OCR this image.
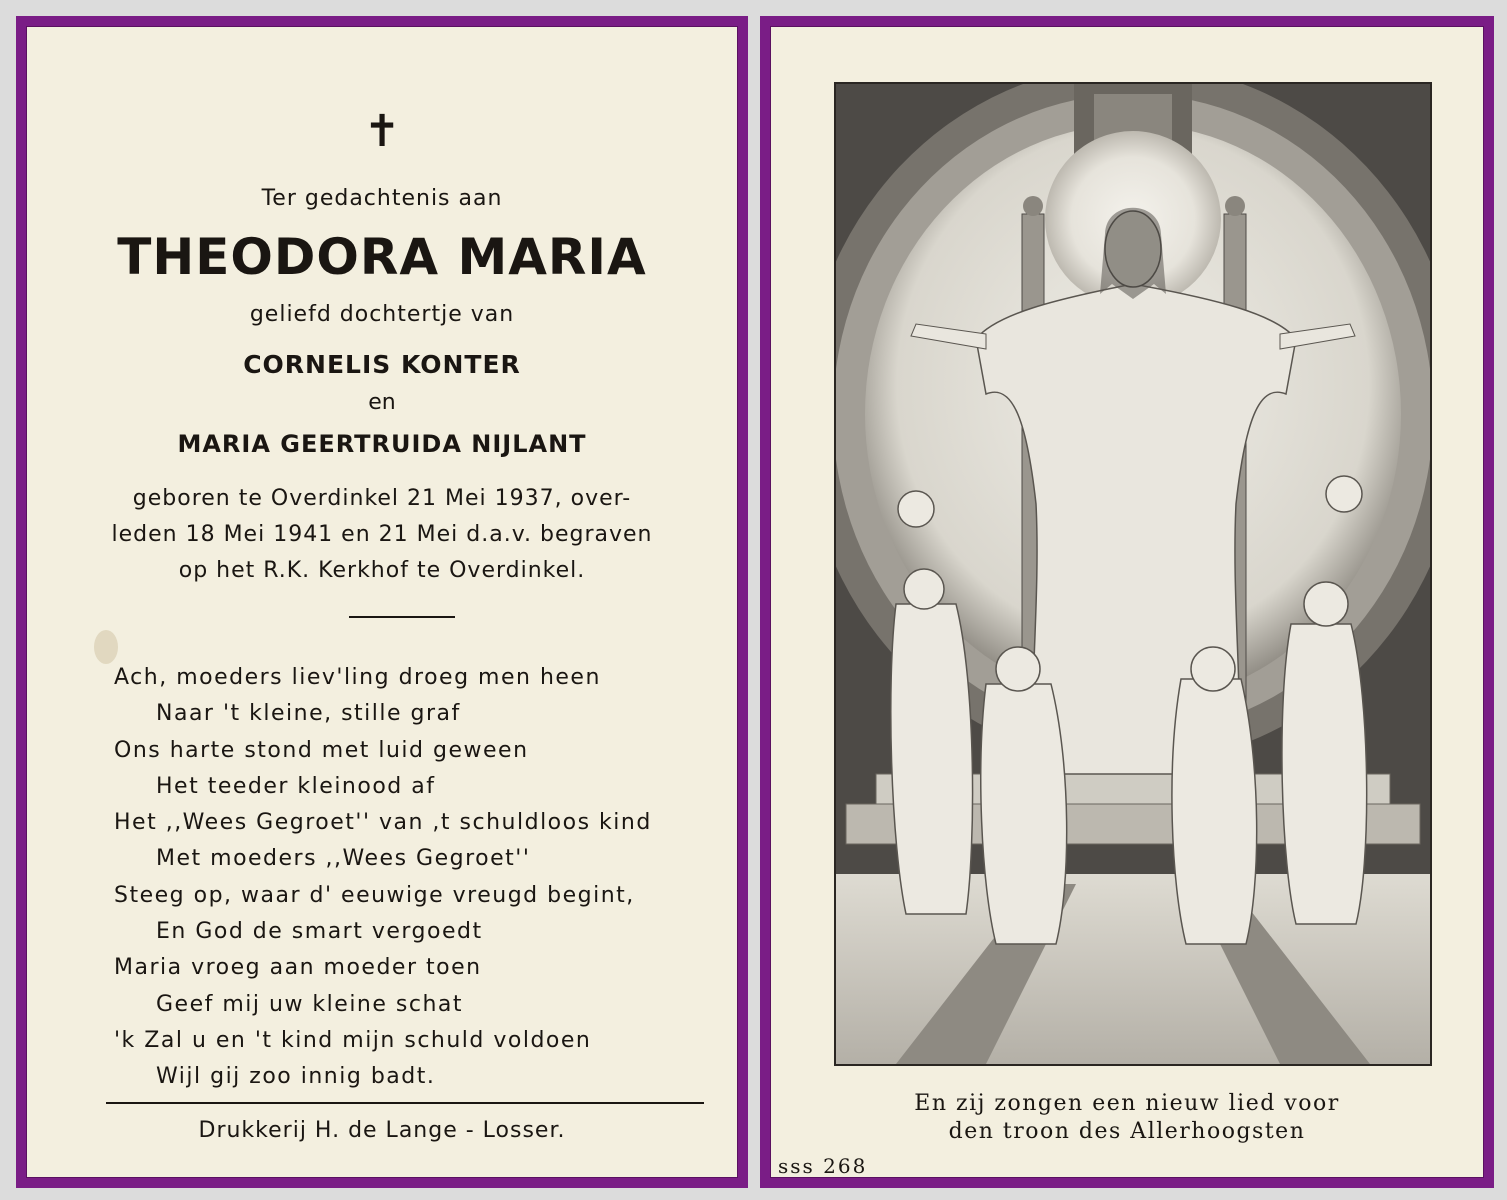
✝
Ter gedachtenis aan
THEODORA MARIA
geliefd dochtertje van
CORNELIS KONTER
en
MARIA GEERTRUIDA NIJLANT
geboren te Overdinkel 21 Mei 1937, over-
leden 18 Mei 1941 en 21 Mei d.a.v. begraven
op het R.K. Kerkhof te Overdinkel.
Ach, moeders liev'ling droeg men heen
Naar 't kleine, stille graf
Ons harte stond met luid geween
Het teeder kleinood af
Het ,,Wees Gegroet'' van ,t schuldloos kind
Met moeders ,,Wees Gegroet''
Steeg op, waar d' eeuwige vreugd begint,
En God de smart vergoedt
Maria vroeg aan moeder toen
Geef mij uw kleine schat
'k Zal u en 't kind mijn schuld voldoen
Wijl gij zoo innig badt.
Drukkerij H. de Lange - Losser.
En zij zongen een nieuw lied voor
den troon des Allerhoogsten
sss 268
